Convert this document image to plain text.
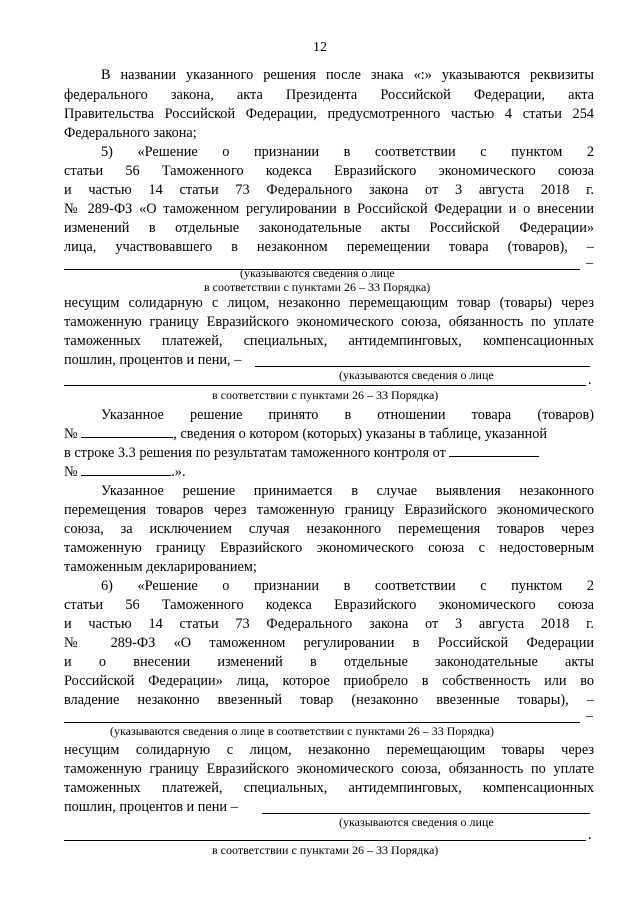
12
В названии указанного решения после знака «:» указываются реквизиты
федерального закона, акта Президента Российской Федерации, акта
Правительства Российской Федерации, предусмотренного частью 4 статьи 254
Федерального закона;
5) «Решение о признании в соответствии с пунктом 2
статьи 56 Таможенного кодекса Евразийского экономического союза
и частью 14 статьи 73 Федерального закона от 3 августа 2018 г.
№ 289-ФЗ «О таможенном регулировании в Российской Федерации и о внесении
изменений в отдельные законодательные акты Российской Федерации»
лица, участвовавшего в незаконном перемещении товара (товаров), –
–
(указываются сведения о лице
в соответствии с пунктами 26 – 33 Порядка)
несущим солидарную с лицом, незаконно перемещающим товар (товары) через
таможенную границу Евразийского экономического союза, обязанность по уплате
таможенных платежей, специальных, антидемпинговых, компенсационных
пошлин, процентов и пени, –
(указываются сведения о лице	.
в соответствии с пунктами 26 – 33 Порядка)
Указанное решение принято в отношении товара (товаров)
№	, сведения о котором (которых) указаны в таблице, указанной
в строке 3.3 решения по результатам таможенного контроля от
№	.».
Указанное решение принимается в случае выявления незаконного
перемещения товаров через таможенную границу Евразийского экономического
союза, за исключением случая незаконного перемещения товаров через
таможенную границу Евразийского экономического союза с недостоверным
таможенным декларированием;
6) «Решение о признании в соответствии с пунктом 2
статьи 56 Таможенного кодекса Евразийского экономического союза
и частью 14 статьи 73 Федерального закона от 3 августа 2018 г.
№ 289-ФЗ «О таможенном регулировании в Российской Федерации
и о внесении изменений в отдельные законодательные акты
Российской Федерации» лица, которое приобрело в собственность или во
владение незаконно ввезенный товар (незаконно ввезенные товары), –
–
(указываются сведения о лице в соответствии с пунктами 26 – 33 Порядка)
несущим солидарную с лицом, незаконно перемещающим товары через
таможенную границу Евразийского экономического союза, обязанность по уплате
таможенных платежей, специальных, антидемпинговых, компенсационных
пошлин, процентов и пени –
(указываются сведения о лице
.
в соответствии с пунктами 26 – 33 Порядка)
